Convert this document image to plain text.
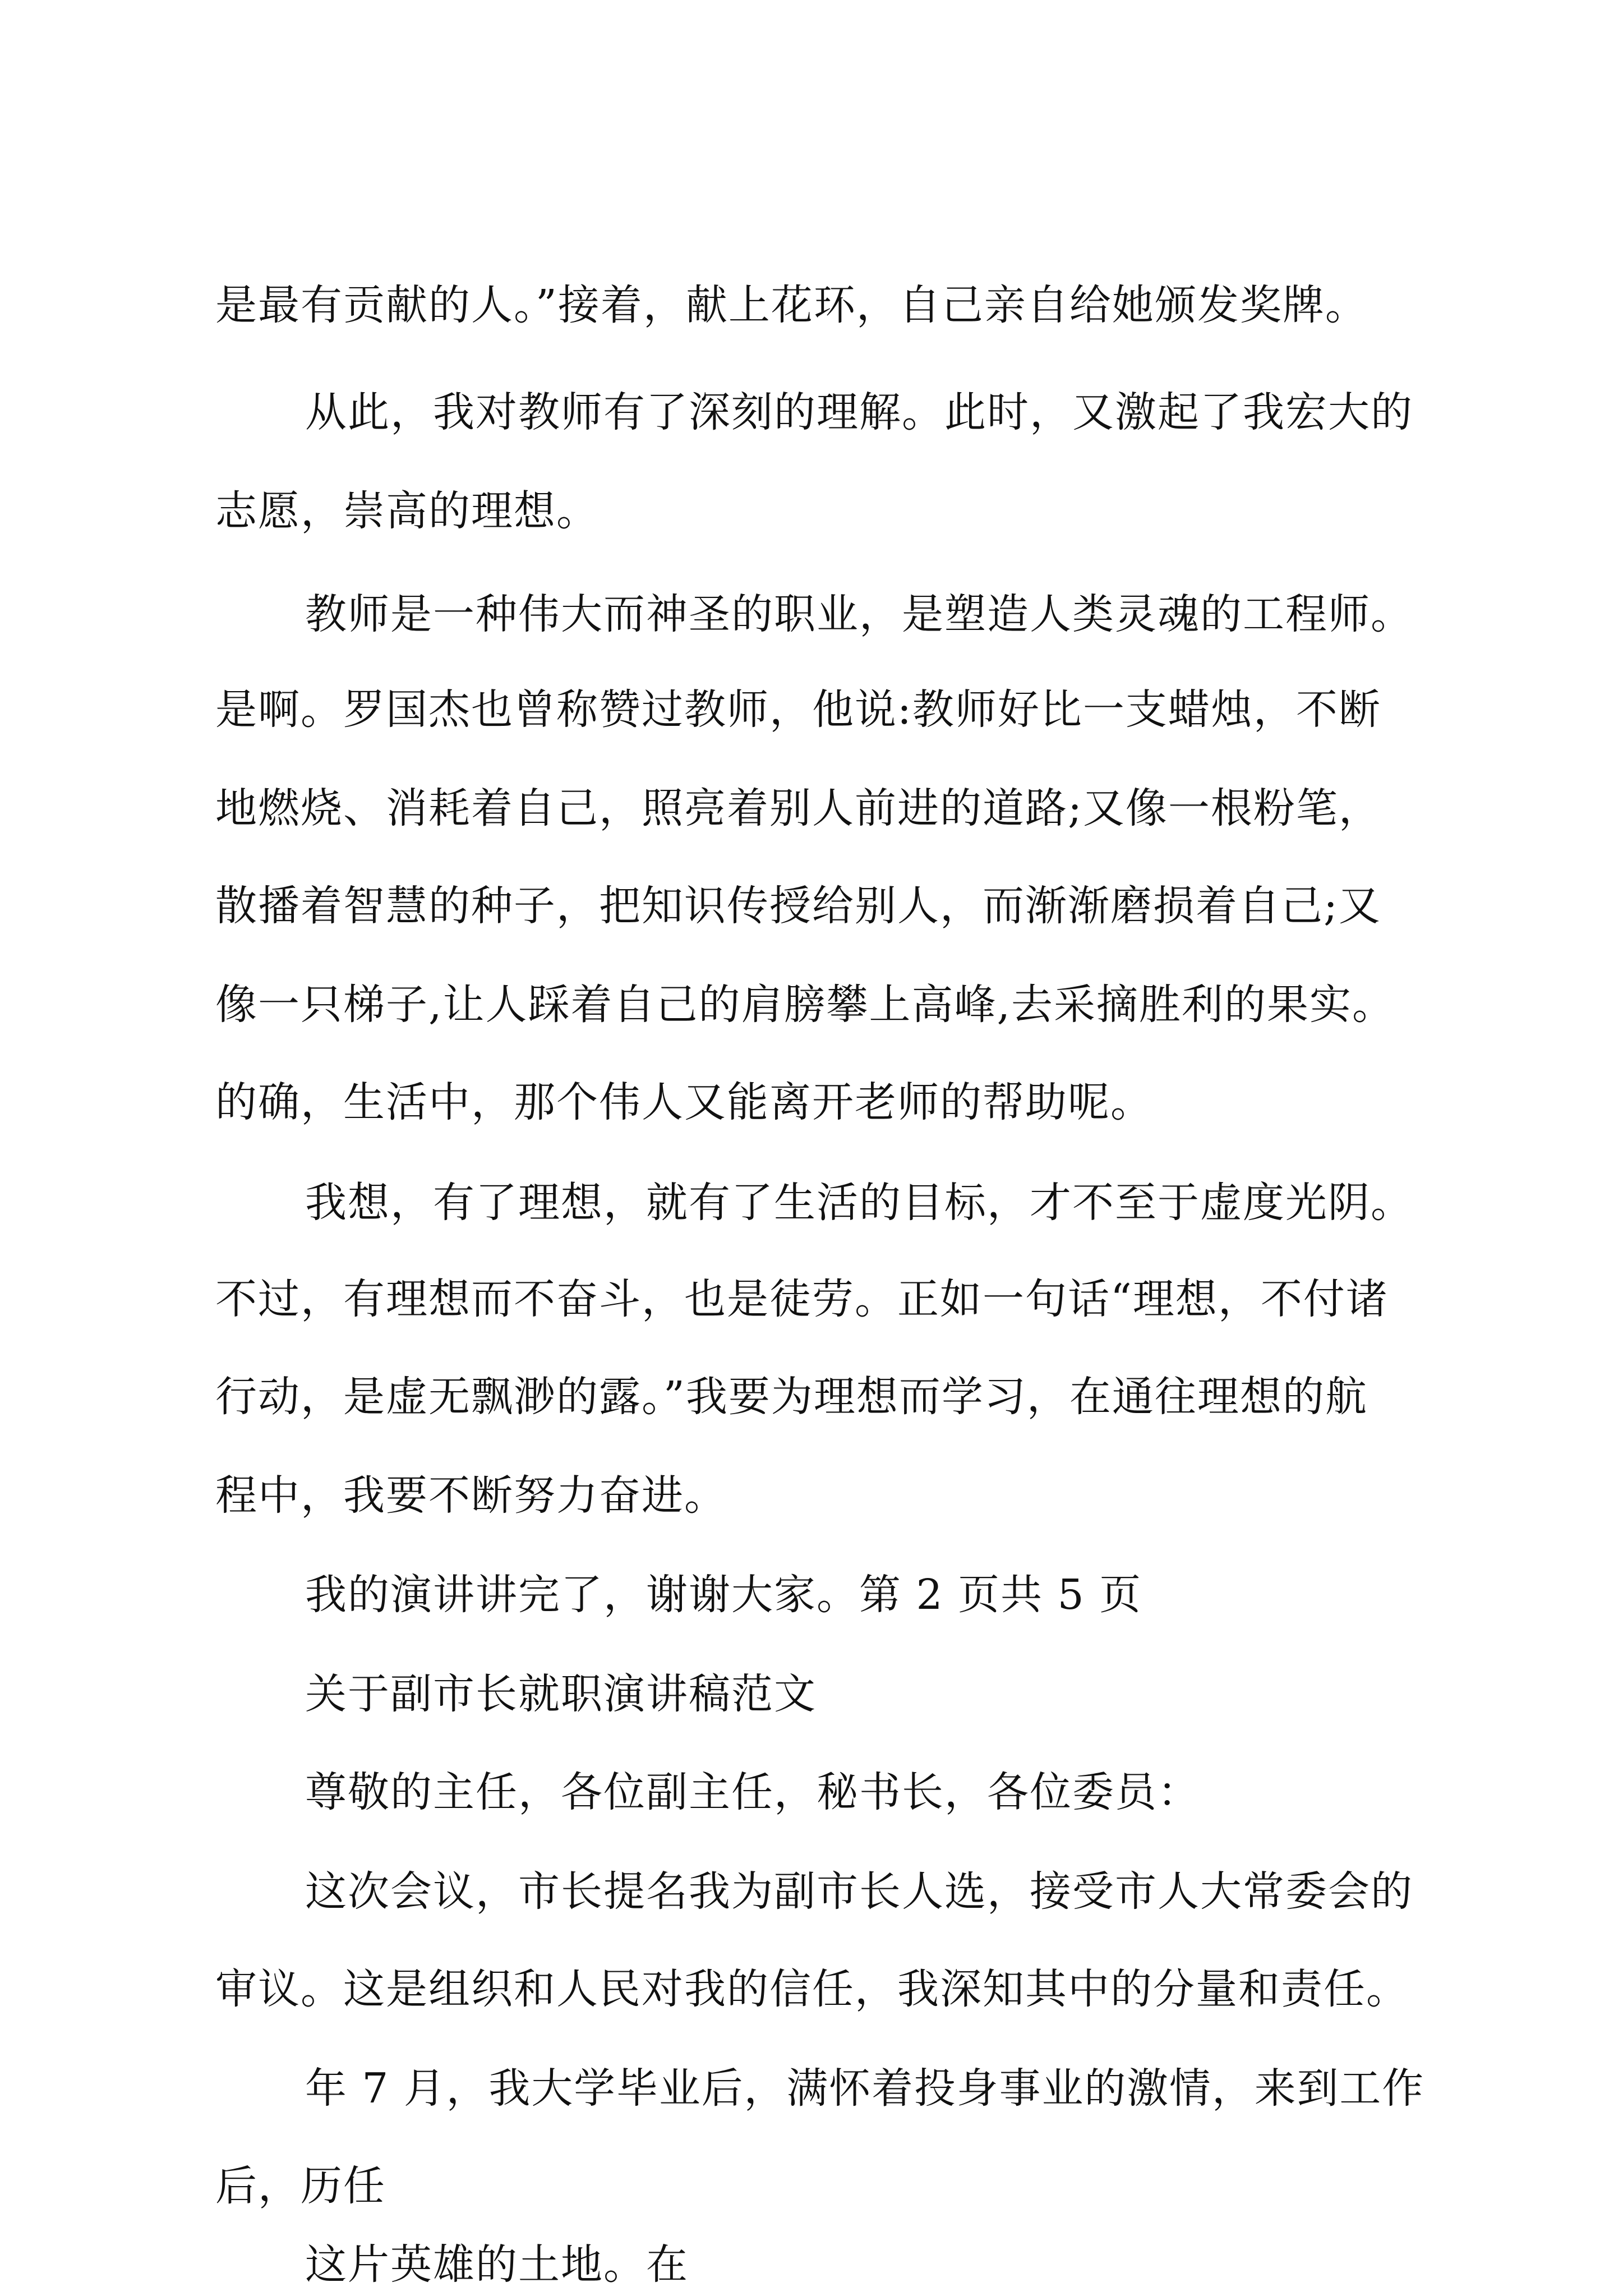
是最有贡献的人。”接着，献上花环，自己亲自给她颁发奖牌。
从此，我对教师有了深刻的理解。此时，又激起了我宏大的
志愿，崇高的理想。
教师是一种伟大而神圣的职业，是塑造人类灵魂的工程师。
是啊。罗国杰也曾称赞过教师，他说:教师好比一支蜡烛，不断
地燃烧、消耗着自己，照亮着别人前进的道路;又像一根粉笔，
散播着智慧的种子，把知识传授给别人，而渐渐磨损着自己;又
像一只梯子,让人踩着自己的肩膀攀上高峰,去采摘胜利的果实。
的确，生活中，那个伟人又能离开老师的帮助呢。
我想，有了理想，就有了生活的目标，才不至于虚度光阴。
不过，有理想而不奋斗，也是徒劳。正如一句话“理想，不付诸
行动，是虚无飘渺的露。”我要为理想而学习，在通往理想的航
程中，我要不断努力奋进。
我的演讲讲完了，谢谢大家。第 2 页共 5 页
关于副市长就职演讲稿范文
尊敬的主任，各位副主任，秘书长，各位委员：
这次会议，市长提名我为副市长人选，接受市人大常委会的
审议。这是组织和人民对我的信任，我深知其中的分量和责任。
年 7 月，我大学毕业后，满怀着投身事业的激情，来到工作
后，历任
这片英雄的土地。在
